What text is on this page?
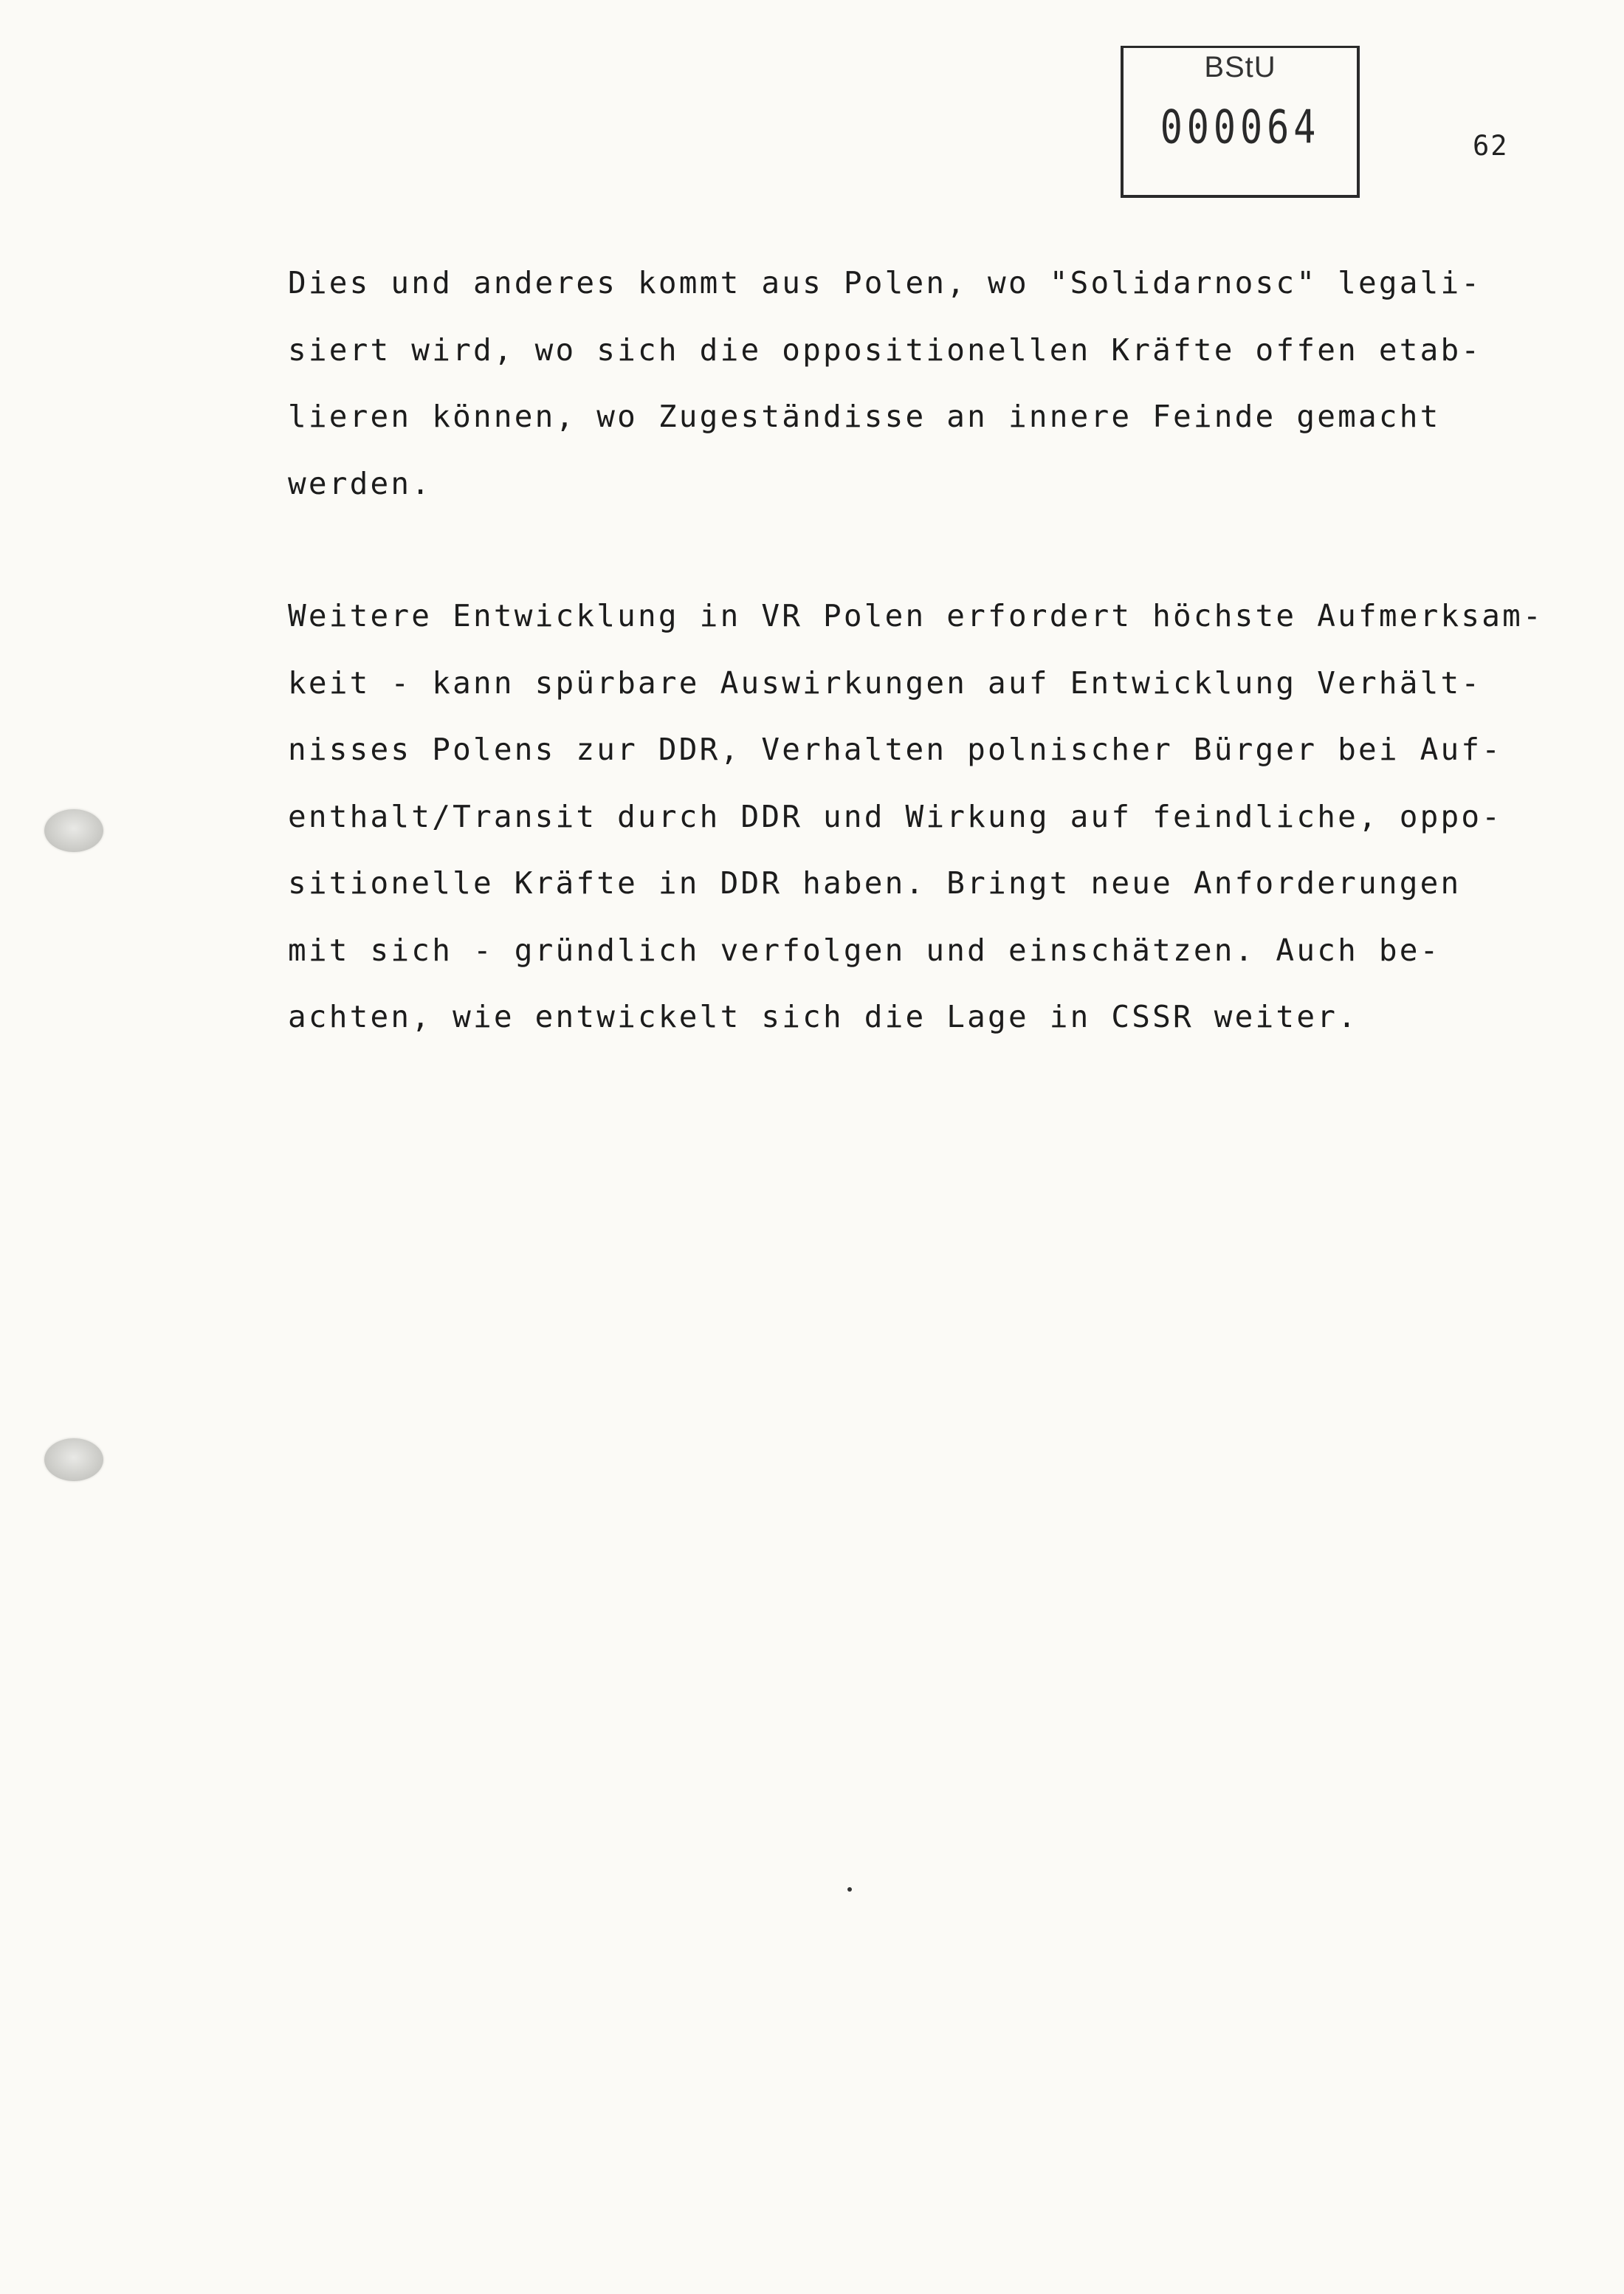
BStU
000064	62
Dies und anderes kommt aus Polen, wo "Solidarnosc" legali-
siert wird, wo sich die oppositionellen Kräfte offen etab-
lieren können, wo Zugeständisse an innere Feinde gemacht
werden.
Weitere Entwicklung in VR Polen erfordert höchste Aufmerksam-
keit - kann spürbare Auswirkungen auf Entwicklung Verhält-
nisses Polens zur DDR, Verhalten polnischer Bürger bei Auf-
enthalt/Transit durch DDR und Wirkung auf feindliche, oppo-
sitionelle Kräfte in DDR haben. Bringt neue Anforderungen
mit sich - gründlich verfolgen und einschätzen. Auch be-
achten, wie entwickelt sich die Lage in CSSR weiter.
